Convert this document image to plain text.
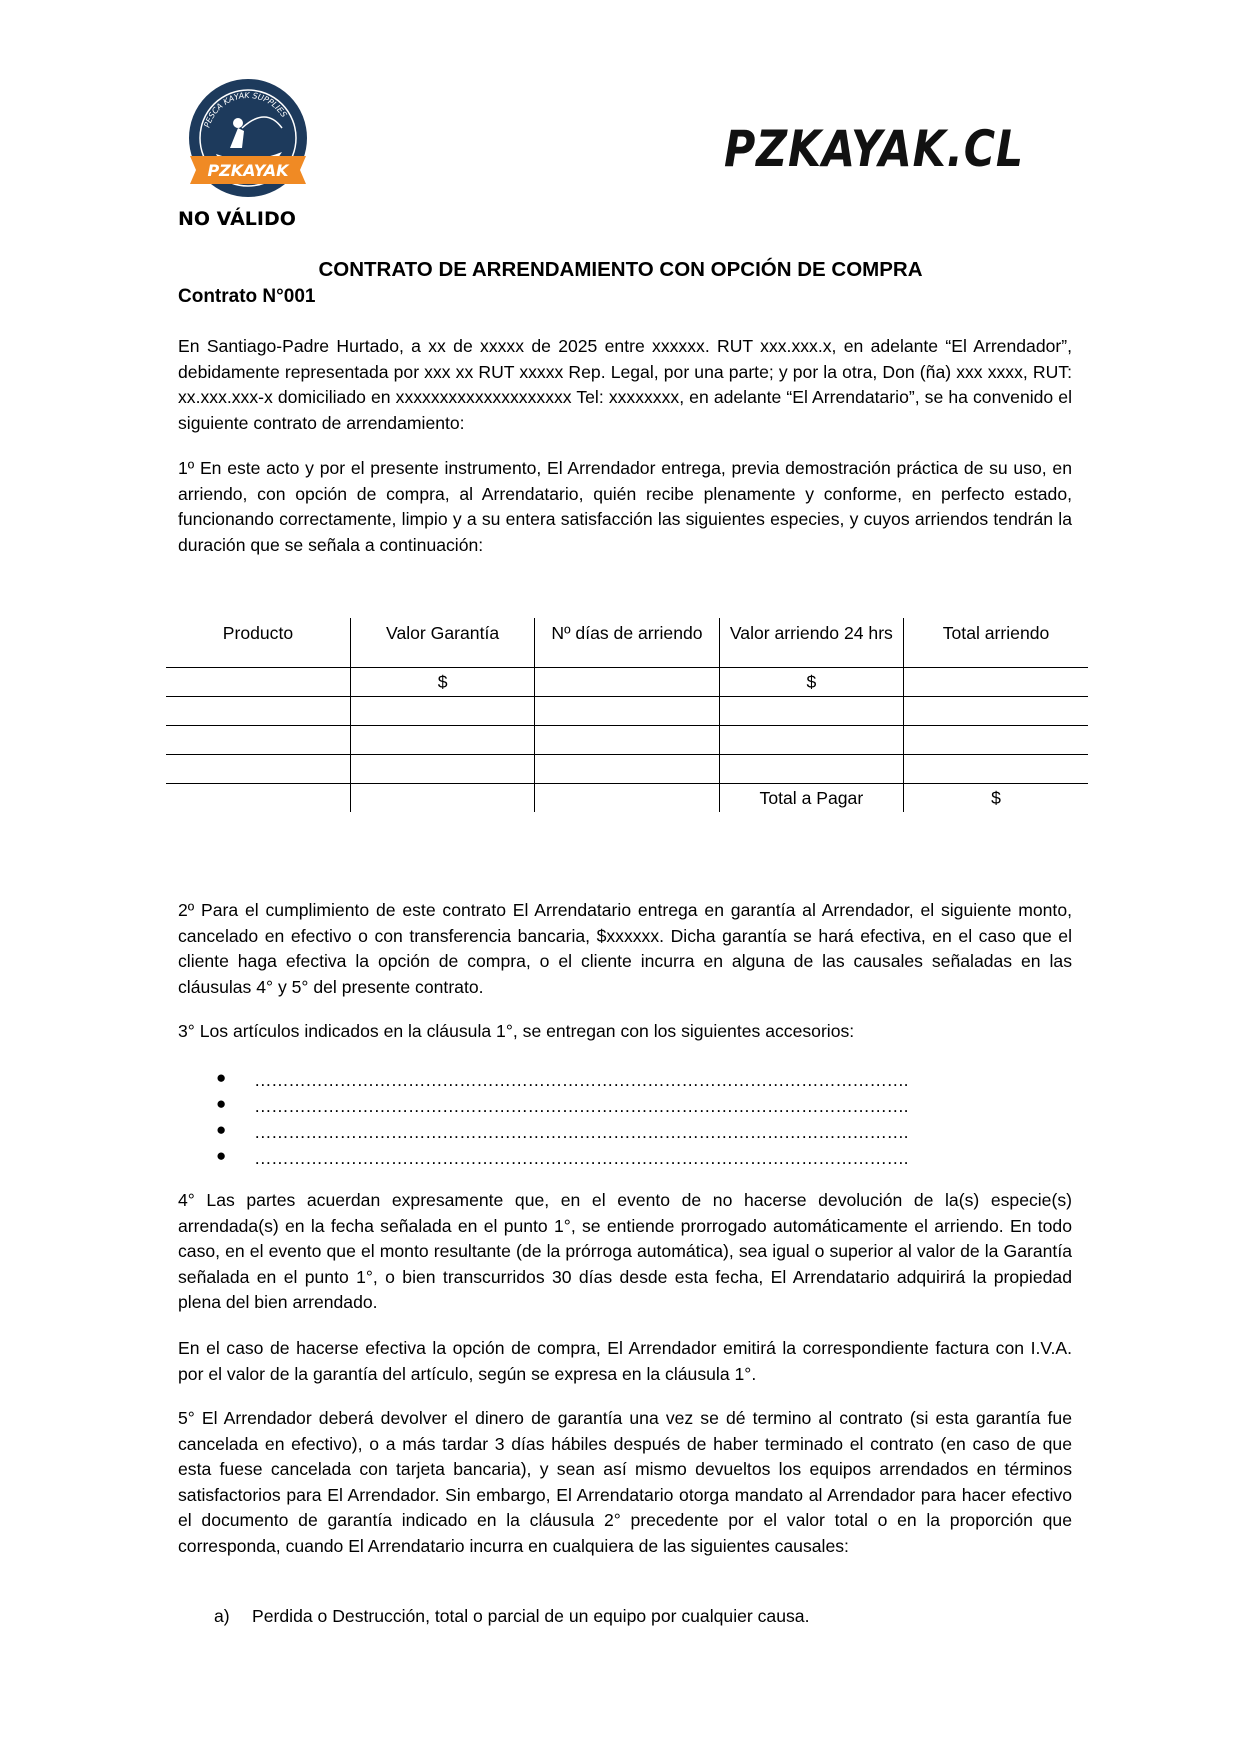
PESCA KAYAK SUPPLIES
PZKAYAK	PZKAYAK.CL
NO VÁLIDO
CONTRATO DE ARRENDAMIENTO CON OPCIÓN DE COMPRA
Contrato N°001
En Santiago-Padre Hurtado, a xx de xxxxx de 2025 entre xxxxxx. RUT xxx.xxx.x, en adelante “El Arrendador”, debidamente representada por xxx xx RUT xxxxx Rep. Legal, por una parte; y por la otra, Don (ña) xxx xxxx, RUT: xx.xxx.xxx-x domiciliado en xxxxxxxxxxxxxxxxxxxx Tel: xxxxxxxx, en adelante “El Arrendatario”, se ha convenido el siguiente contrato de arrendamiento:
1º En este acto y por el presente instrumento, El Arrendador entrega, previa demostración práctica de su uso, en arriendo, con opción de compra, al Arrendatario, quién recibe plenamente y conforme, en perfecto estado, funcionando correctamente, limpio y a su entera satisfacción las siguientes especies, y cuyos arriendos tendrán la duración que se señala a continuación:
Producto	Valor Garantía	Nº días de arriendo	Valor arriendo 24 hrs	Total arriendo
	$		$	

			Total a Pagar	$
2º Para el cumplimiento de este contrato El Arrendatario entrega en garantía al Arrendador, el siguiente monto, cancelado en efectivo o con transferencia bancaria, $xxxxxx. Dicha garantía se hará efectiva, en el caso que el cliente haga efectiva la opción de compra, o el cliente incurra en alguna de las causales señaladas en las cláusulas 4° y 5° del presente contrato.
3° Los artículos indicados en la cláusula 1°, se entregan con los siguientes accesorios:
● …………………………………………………………………………………………………….
● …………………………………………………………………………………………………….
● …………………………………………………………………………………………………….
● …………………………………………………………………………………………………….
4° Las partes acuerdan expresamente que, en el evento de no hacerse devolución de la(s) especie(s) arrendada(s) en la fecha señalada en el punto 1°, se entiende prorrogado automáticamente el arriendo. En todo caso, en el evento que el monto resultante (de la prórroga automática), sea igual o superior al valor de la Garantía señalada en el punto 1°, o bien transcurridos 30 días desde esta fecha, El Arrendatario adquirirá la propiedad plena del bien arrendado.
En el caso de hacerse efectiva la opción de compra, El Arrendador emitirá la correspondiente factura con I.V.A. por el valor de la garantía del artículo, según se expresa en la cláusula 1°.
5° El Arrendador deberá devolver el dinero de garantía una vez se dé termino al contrato (si esta garantía fue cancelada en efectivo), o a más tardar 3 días hábiles después de haber terminado el contrato (en caso de que esta fuese cancelada con tarjeta bancaria), y sean así mismo devueltos los equipos arrendados en términos satisfactorios para El Arrendador. Sin embargo, El Arrendatario otorga mandato al Arrendador para hacer efectivo el documento de garantía indicado en la cláusula 2° precedente por el valor total o en la proporción que corresponda, cuando El Arrendatario incurra en cualquiera de las siguientes causales:
a) Perdida o Destrucción, total o parcial de un equipo por cualquier causa.
